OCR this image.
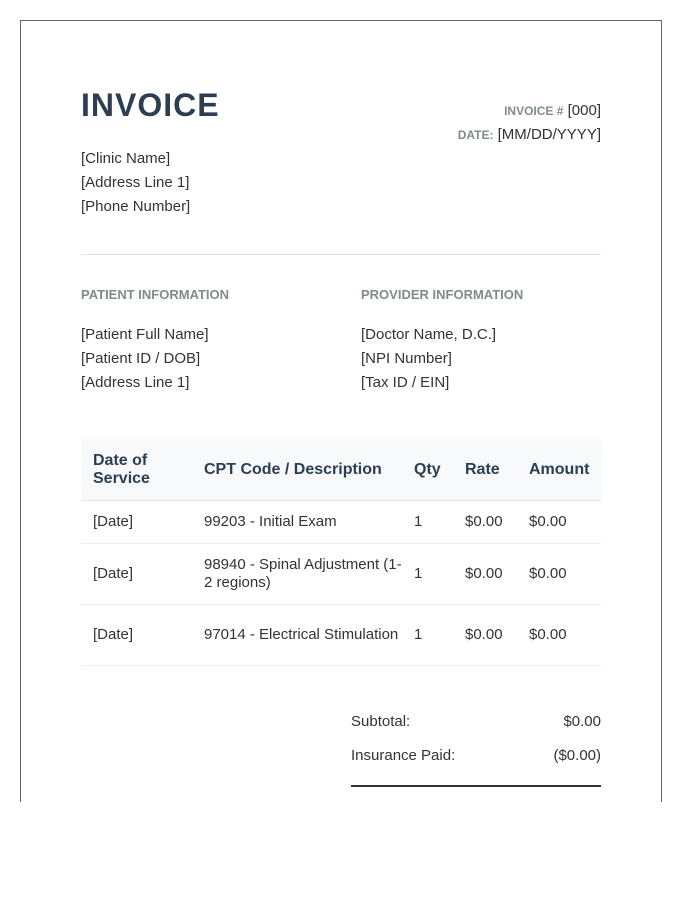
INVOICE	INVOICE # [000]
DATE: [MM/DD/YYYY]
[Clinic Name]
[Address Line 1]
[Phone Number]
PATIENT INFORMATION
[Patient Full Name]
[Patient ID / DOB]
[Address Line 1]
PROVIDER INFORMATION
[Doctor Name, D.C.]
[NPI Number]
[Tax ID / EIN]
Date of Service	CPT Code / Description	Qty	Rate	Amount
[Date]	99203 - Initial Exam	1	$0.00	$0.00
[Date]	98940 - Spinal Adjustment (1-2 regions)	1	$0.00	$0.00
[Date]	97014 - Electrical Stimulation	1	$0.00	$0.00
Subtotal:	$0.00
Insurance Paid:	($0.00)
